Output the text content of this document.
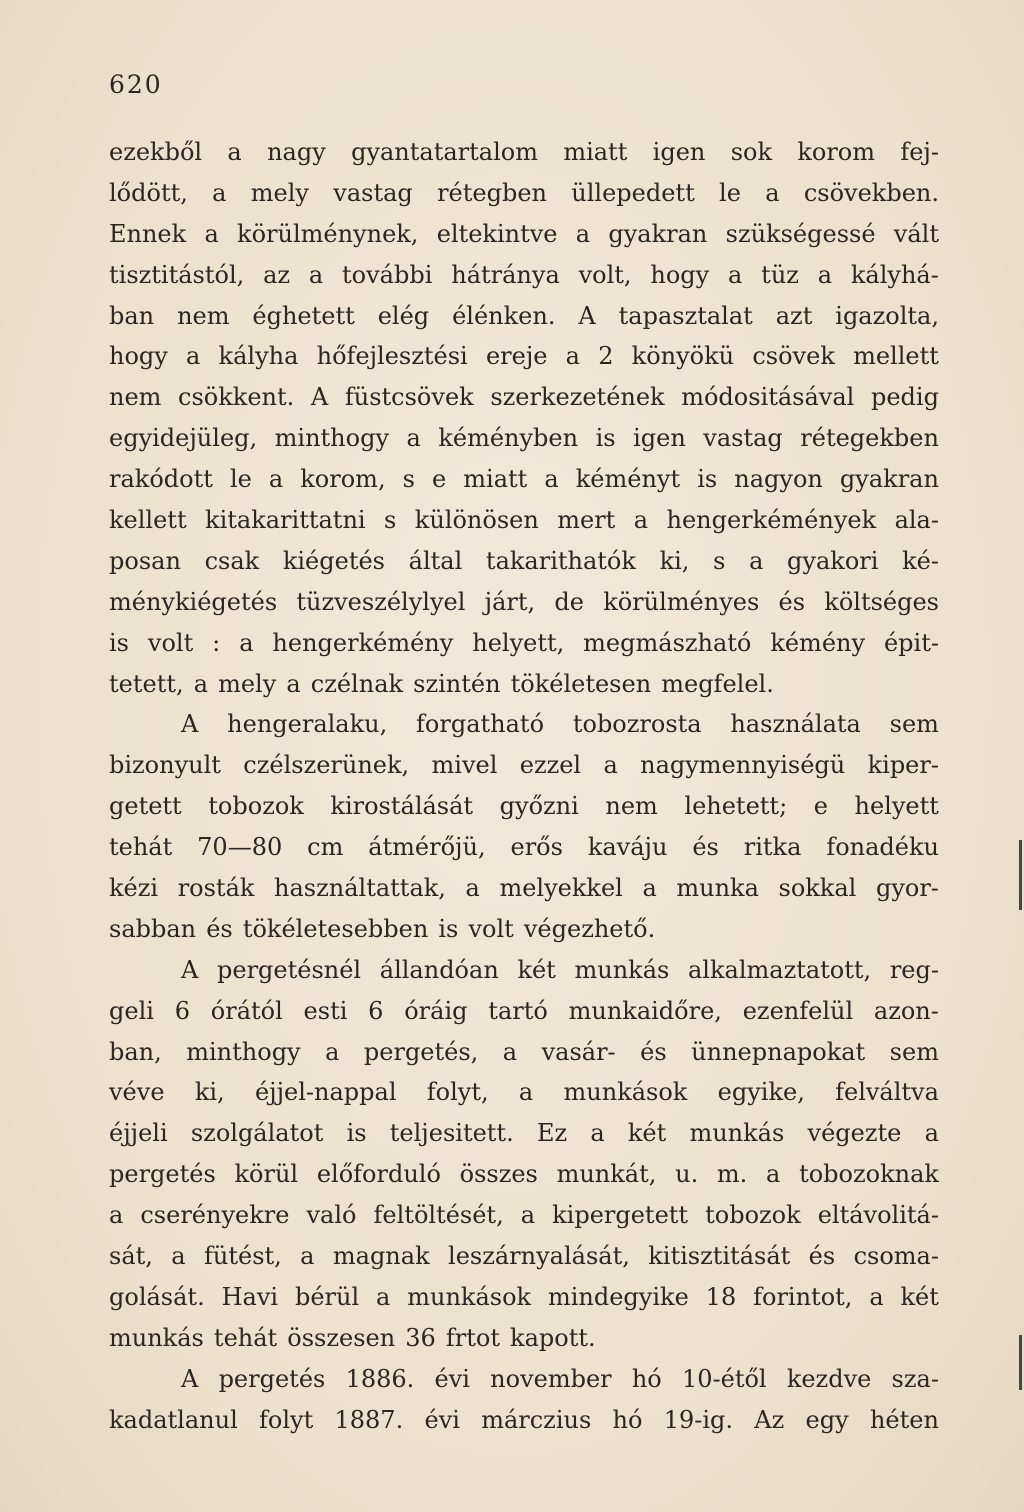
620
ezekből a nagy gyantatartalom miatt igen sok korom fej-
lődött, a mely vastag rétegben üllepedett le a csövekben.
Ennek a körülménynek, eltekintve a gyakran szükségessé vált
tisztitástól, az a további hátránya volt, hogy a tüz a kályhá-
ban nem éghetett elég élénken. A tapasztalat azt igazolta,
hogy a kályha hőfejlesztési ereje a 2 könyökü csövek mellett
nem csökkent. A füstcsövek szerkezetének módositásával pedig
egyidejüleg, minthogy a kéményben is igen vastag rétegekben
rakódott le a korom, s e miatt a kéményt is nagyon gyakran
kellett kitakarittatni s különösen mert a hengerkémények ala-
posan csak kiégetés által takarithatók ki, s a gyakori ké-
ménykiégetés tüzveszélylyel járt, de körülményes és költséges
is volt : a hengerkémény helyett, megmászható kémény épit-
tetett, a mely a czélnak szintén tökéletesen megfelel.
A hengeralaku, forgatható tobozrosta használata sem
bizonyult czélszerünek, mivel ezzel a nagymennyiségü kiper-
getett tobozok kirostálását győzni nem lehetett; e helyett
tehát 70—80 cm átmérőjü, erős kaváju és ritka fonadéku
kézi rosták használtattak, a melyekkel a munka sokkal gyor-
sabban és tökéletesebben is volt végezhető.
A pergetésnél állandóan két munkás alkalmaztatott, reg-
geli 6 órától esti 6 óráig tartó munkaidőre, ezenfelül azon-
ban, minthogy a pergetés, a vasár- és ünnepnapokat sem
véve ki, éjjel-nappal folyt, a munkások egyike, felváltva
éjjeli szolgálatot is teljesitett. Ez a két munkás végezte a
pergetés körül előforduló összes munkát, u. m. a tobozoknak
a cserényekre való feltöltését, a kipergetett tobozok eltávolitá-
sát, a fütést, a magnak leszárnyalását, kitisztitását és csoma-
golását. Havi bérül a munkások mindegyike 18 forintot, a két
munkás tehát összesen 36 frtot kapott.
A pergetés 1886. évi november hó 10-étől kezdve sza-
kadatlanul folyt 1887. évi márczius hó 19-ig. Az egy héten
